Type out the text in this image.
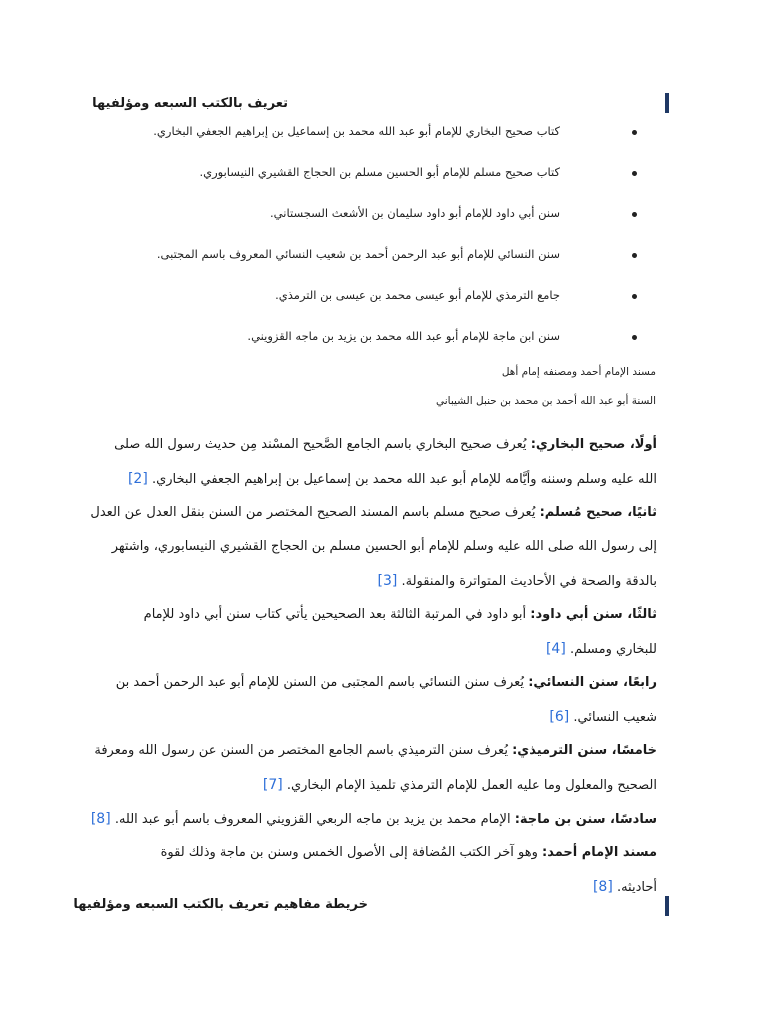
تعريف بالكتب السبعه ومؤلفيها
كتاب صحيح البخاري للإمام أبو عبد الله محمد بن إسماعيل بن إبراهيم الجعفي البخاري.
كتاب صحيح مسلم للإمام أبو الحسين مسلم بن الحجاج القشيري النيسابوري.
سنن أبي داود للإمام أبو داود سليمان بن الأشعث السجستاني.
سنن النسائي للإمام أبو عبد الرحمن أحمد بن شعيب النسائي المعروف باسم المجتبى.
جامع الترمذي للإمام أبو عيسى محمد بن عيسى بن الترمذي.
سنن ابن ماجة للإمام أبو عبد الله محمد بن يزيد بن ماجه القزويني.
مسند الإمام أحمد ومصنفه إمام أهل
السنة أبو عبد الله أحمد بن محمد بن حنبل الشيباني
أولًا، صحيح البخاري: يُعرف صحيح البخاري باسم الجامع الصَّحيح المسْند مِن حديث رسول الله صلى
الله عليه وسلم وسننه وأيَّامه للإمام أبو عبد الله محمد بن إسماعيل بن إبراهيم الجعفي البخاري. [2]
ثانيًا، صحيح مُسلم: يُعرف صحيح مسلم باسم المسند الصحيح المختصر من السنن بنقل العدل عن العدل
إلى رسول الله صلى الله عليه وسلم للإمام أبو الحسين مسلم بن الحجاج القشيري النيسابوري، واشتهر
بالدقة والصحة في الأحاديث المتواترة والمنقولة. [3]
ثالثًا، سنن أبي داود: أبو داود في المرتبة الثالثة بعد الصحيحين يأتي كتاب سنن أبي داود للإمام
للبخاري ومسلم. [4]
رابعًا، سنن النسائي: يُعرف سنن النسائي باسم المجتبى من السنن للإمام أبو عبد الرحمن أحمد بن
شعيب النسائي. [6]
خامسًا، سنن الترميذي: يُعرف سنن الترميذي باسم الجامع المختصر من السنن عن رسول الله ومعرفة
الصحيح والمعلول وما عليه العمل للإمام الترمذي تلميذ الإمام البخاري. [7]
سادسًا، سنن بن ماجة: الإمام محمد بن يزيد بن ماجه الربعي القزويني المعروف باسم أبو عبد الله. [8]
مسند الإمام أحمد: وهو آخر الكتب المُضافة إلى الأصول الخمس وسنن بن ماجة وذلك لقوة
أحاديثه. [8]
خريطة مفاهيم تعريف بالكتب السبعه ومؤلفيها
